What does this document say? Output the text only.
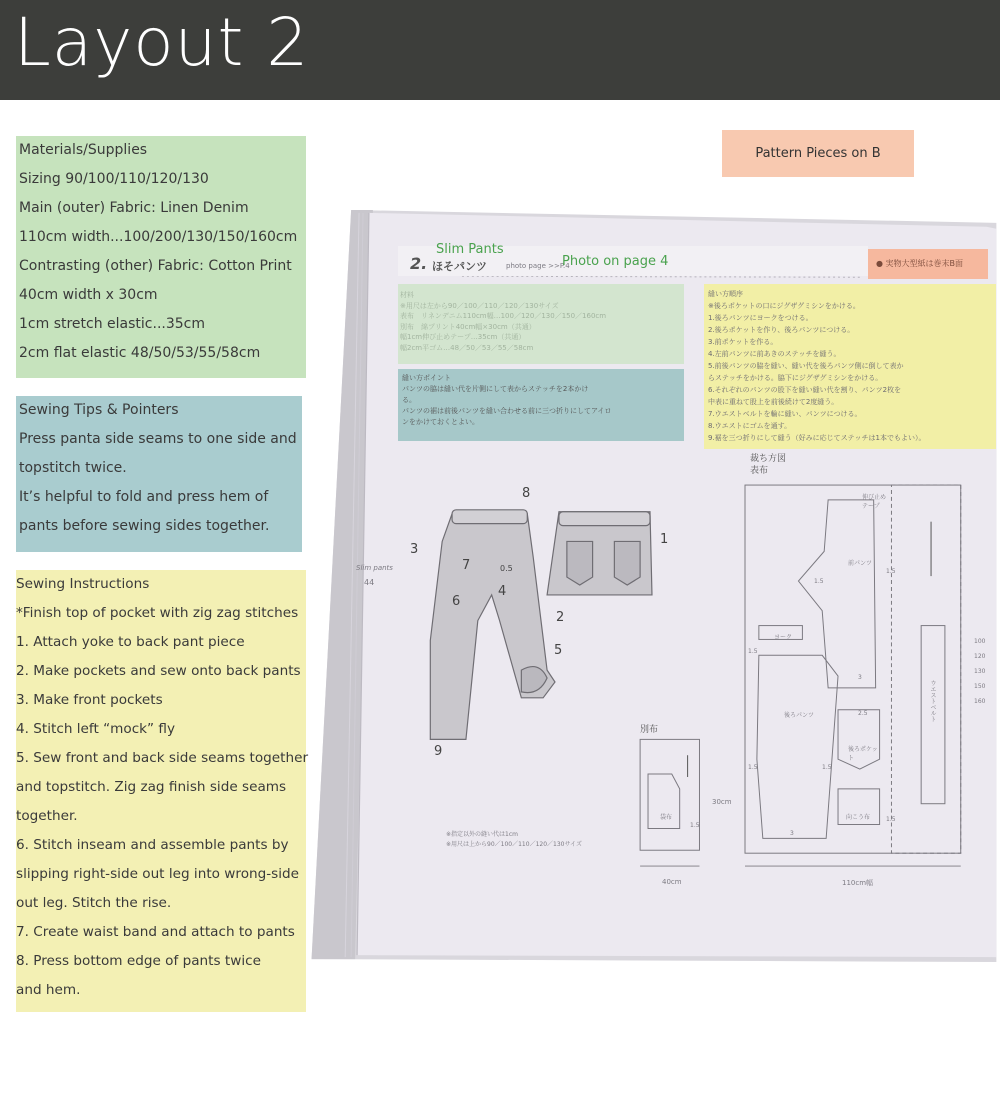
Layout 2
Materials/Supplies
Sizing 90/100/110/120/130
Main (outer) Fabric: Linen Denim
110cm width...100/200/130/150/160cm
Contrasting (other) Fabric: Cotton Print
40cm width x 30cm
1cm stretch elastic...35cm
2cm flat elastic 48/50/53/55/58cm
Sewing Tips & Pointers
Press panta side seams to one side and
topstitch twice.
It’s helpful to fold and press hem of
pants before sewing sides together.
Sewing Instructions
*Finish top of pocket with zig zag stitches
1. Attach yoke to back pant piece
2. Make pockets and sew onto back pants
3. Make front pockets
4. Stitch left “mock” fly
5. Sew front and back side seams together
and topstitch. Zig zag finish side seams
together.
6. Stitch inseam and assemble pants by
slipping right-side out leg into wrong-side
out leg. Stitch the rise.
7. Create waist band and attach to pants
8. Press bottom edge of pants twice
and hem.
Pattern Pieces on B
縫い方ポイント
パンツの脇は縫い代を片側にして表からステッチを2本かけ
る。
パンツの裾は前後パンツを縫い合わせる前に三つ折りにしてアイロ
ンをかけておくとよい。
縫い方順序
※後ろポケットの口にジグザグミシンをかける。
1.後ろパンツにヨークをつける。
2.後ろポケットを作り、後ろパンツにつける。
3.前ポケットを作る。
4.左前パンツに前あきのステッチを縫う。
5.前後パンツの脇を縫い、縫い代を後ろパンツ側に倒して表か
らステッチをかける。脇下にジグザグミシンをかける。
6.それぞれのパンツの股下を縫い縫い代を割り、パンツ2枚を
中表に重ねて股上を前後続けて2度縫う。
7.ウエストベルトを輪に縫い、パンツにつける。
8.ウエストにゴムを通す。
9.裾を三つ折りにして縫う（好みに応じてステッチは1本でもよい）。
● 実物大型紙は巻末B面
2. ほそパンツ	photo page >>P.4
Slim Pants
Photo on page 4
Slim pants
44
8
1
3
7	0.5
4
6
2
5
9
裁ち方図
表布
別布
伸び止めテープ
前パンツ
ヨーク
後ろパンツ
後ろポケット
向こう布
袋布
ウエストベルト
110cm幅
40cm
30cm
100
120
130
150
160
1.5
1.5
3
2.5
1.5
1.5	1.5
1.5
3
1.5
※指定以外の縫い代は1cm
※用尺は上から90／100／110／120／130サイズ
